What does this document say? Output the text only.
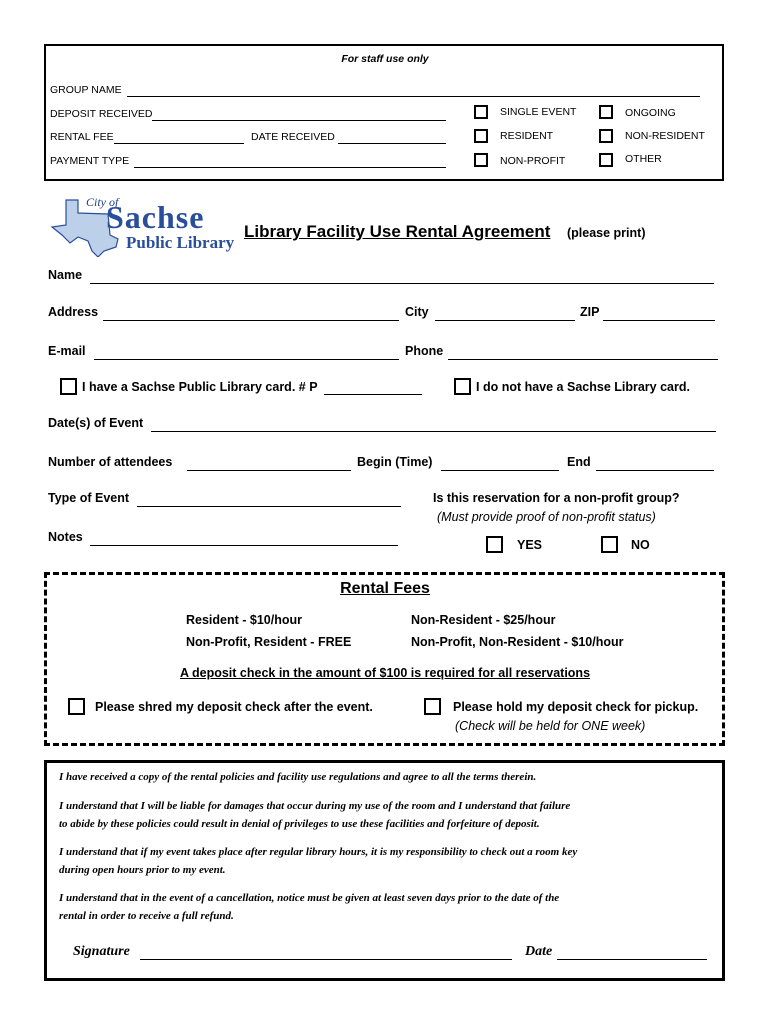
For staff use only
GROUP NAME
DEPOSIT RECEIVED
RENTAL FEE	DATE RECEIVED
PAYMENT TYPE
SINGLE EVENT	ONGOING
RESIDENT	NON-RESIDENT
NON-PROFIT	OTHER
City of
Sachse
Public Library
Library Facility Use Rental Agreement (please print)
Name
Address	City	ZIP
E-mail	Phone
I have a Sachse Public Library card. # P	I do not have a Sachse Library card.
Date(s) of Event
Number of attendees	Begin (Time)	End
Type of Event	Is this reservation for a non-profit group?
(Must provide proof of non-profit status)
Notes
YES	NO
Rental Fees
Resident - $10/hour	Non-Resident - $25/hour
Non-Profit, Resident - FREE	Non-Profit, Non-Resident - $10/hour
A deposit check in the amount of $100 is required for all reservations
Please shred my deposit check after the event.	Please hold my deposit check for pickup.
(Check will be held for ONE week)
I have received a copy of the rental policies and facility use regulations and agree to all the terms therein.
I understand that I will be liable for damages that occur during my use of the room and I understand that failure
to abide by these policies could result in denial of privileges to use these facilities and forfeiture of deposit.
I understand that if my event takes place after regular library hours, it is my responsibility to check out a room key
during open hours prior to my event.
I understand that in the event of a cancellation, notice must be given at least seven days prior to the date of the
rental in order to receive a full refund.
Signature	Date
